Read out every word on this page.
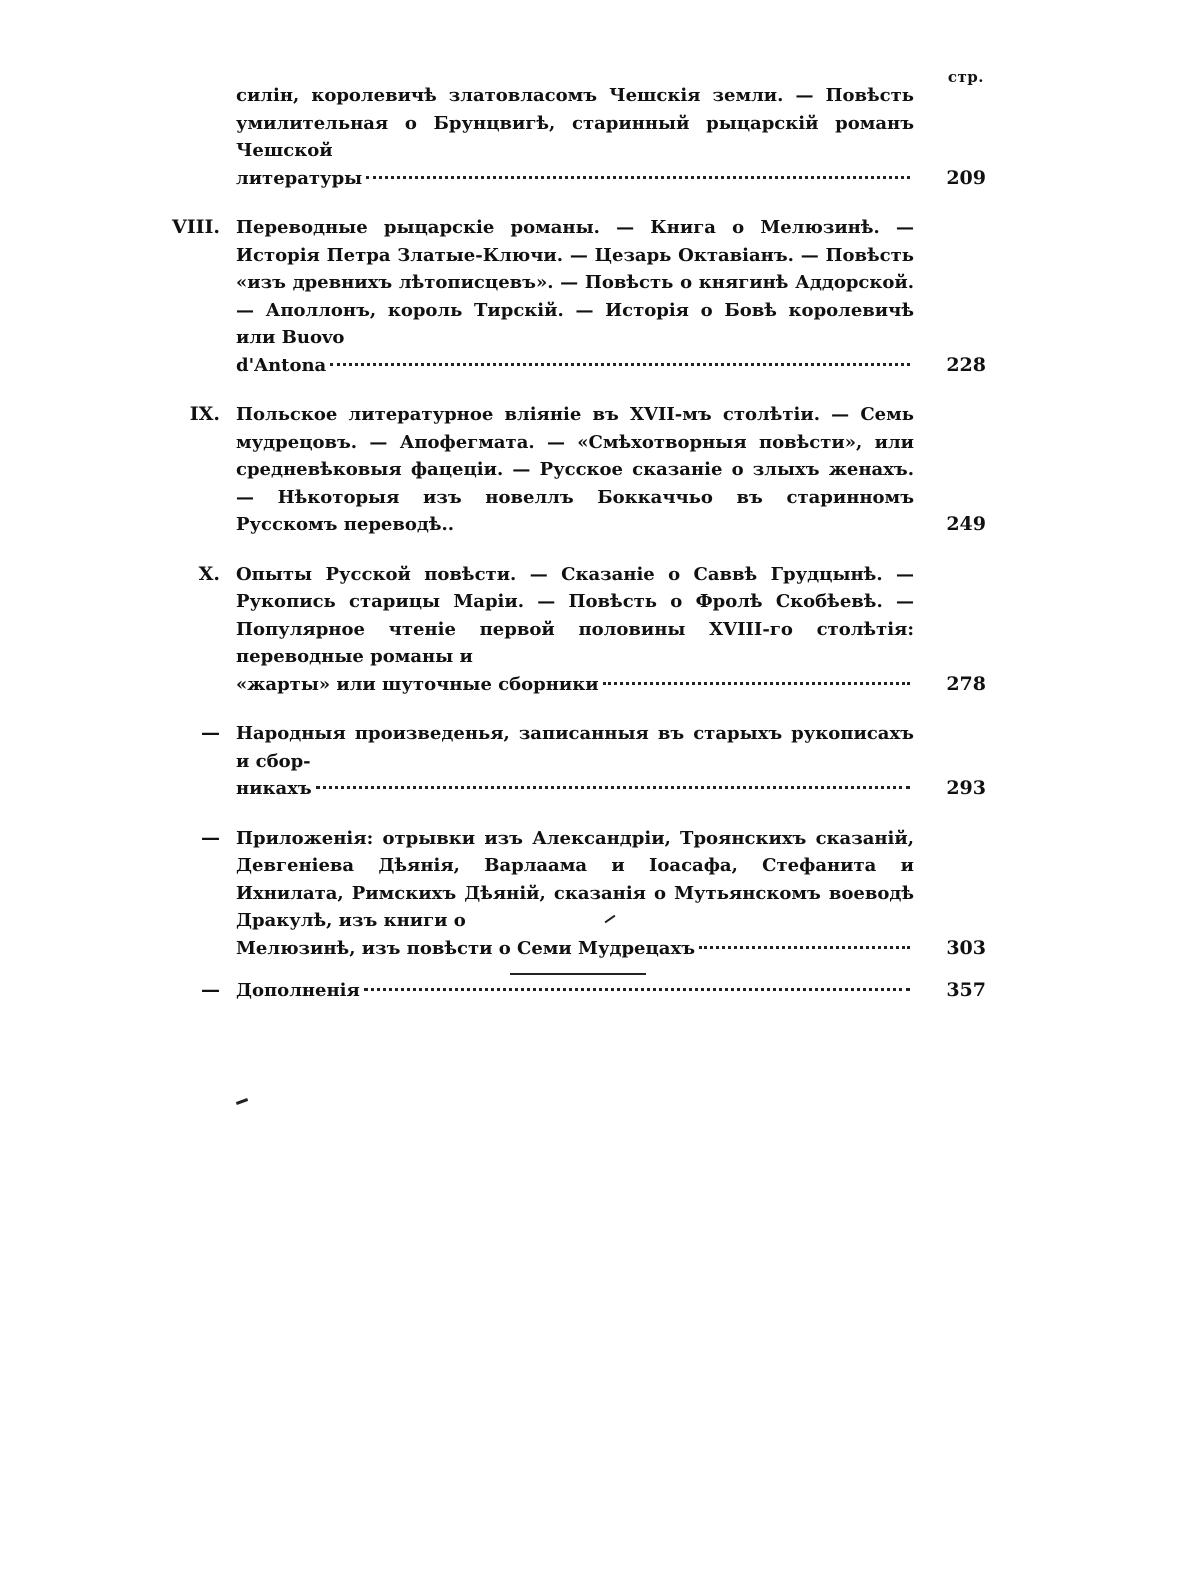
стр.
силін, королевичѣ златовласомъ Чешскія земли. — Повѣсть умилительная о Брунцвигѣ, старинный рыцарскій романъ Чешской
литературы	209
VIII. Переводные рыцарскіе романы. — Книга о Мелюзинѣ. — Исторія Петра Златые-Ключи. — Цезарь Октавіанъ. — Повѣсть «изъ древнихъ лѣтописцевъ». — Повѣсть о княгинѣ Аддорской. — Аполлонъ, король Тирскій. — Исторія о Бовѣ королевичѣ или Buovo
d'Antona	228
IX. Польское литературное вліяніе въ XVII-мъ столѣтіи. — Семь мудрецовъ. — Апофегмата. — «Смѣхотворныя повѣсти», или средневѣковыя фацеціи. — Русское сказаніе о злыхъ женахъ. — Нѣкоторыя изъ новеллъ Боккаччьо въ старинномъ Русскомъ переводѣ..	249
X. Опыты Русской повѣсти. — Сказаніе о Саввѣ Грудцынѣ. — Рукопись старицы Маріи. — Повѣсть о Фролѣ Скобѣевѣ. — Популярное чтеніе первой половины XVIII-го столѣтія: переводные романы и
«жарты» или шуточные сборники	278
— Народныя произведенья, записанныя въ старыхъ рукописахъ и сбор-
никахъ	293
— Приложенія: отрывки изъ Александріи, Троянскихъ сказаній, Девгеніева Дѣянія, Варлаама и Іоасафа, Стефанита и Ихнилата, Римскихъ Дѣяній, сказанія о Мутьянскомъ воеводѣ Дракулѣ, изъ книги о
Мелюзинѣ, изъ повѣсти о Семи Мудрецахъ	303
— Дополненія	357
